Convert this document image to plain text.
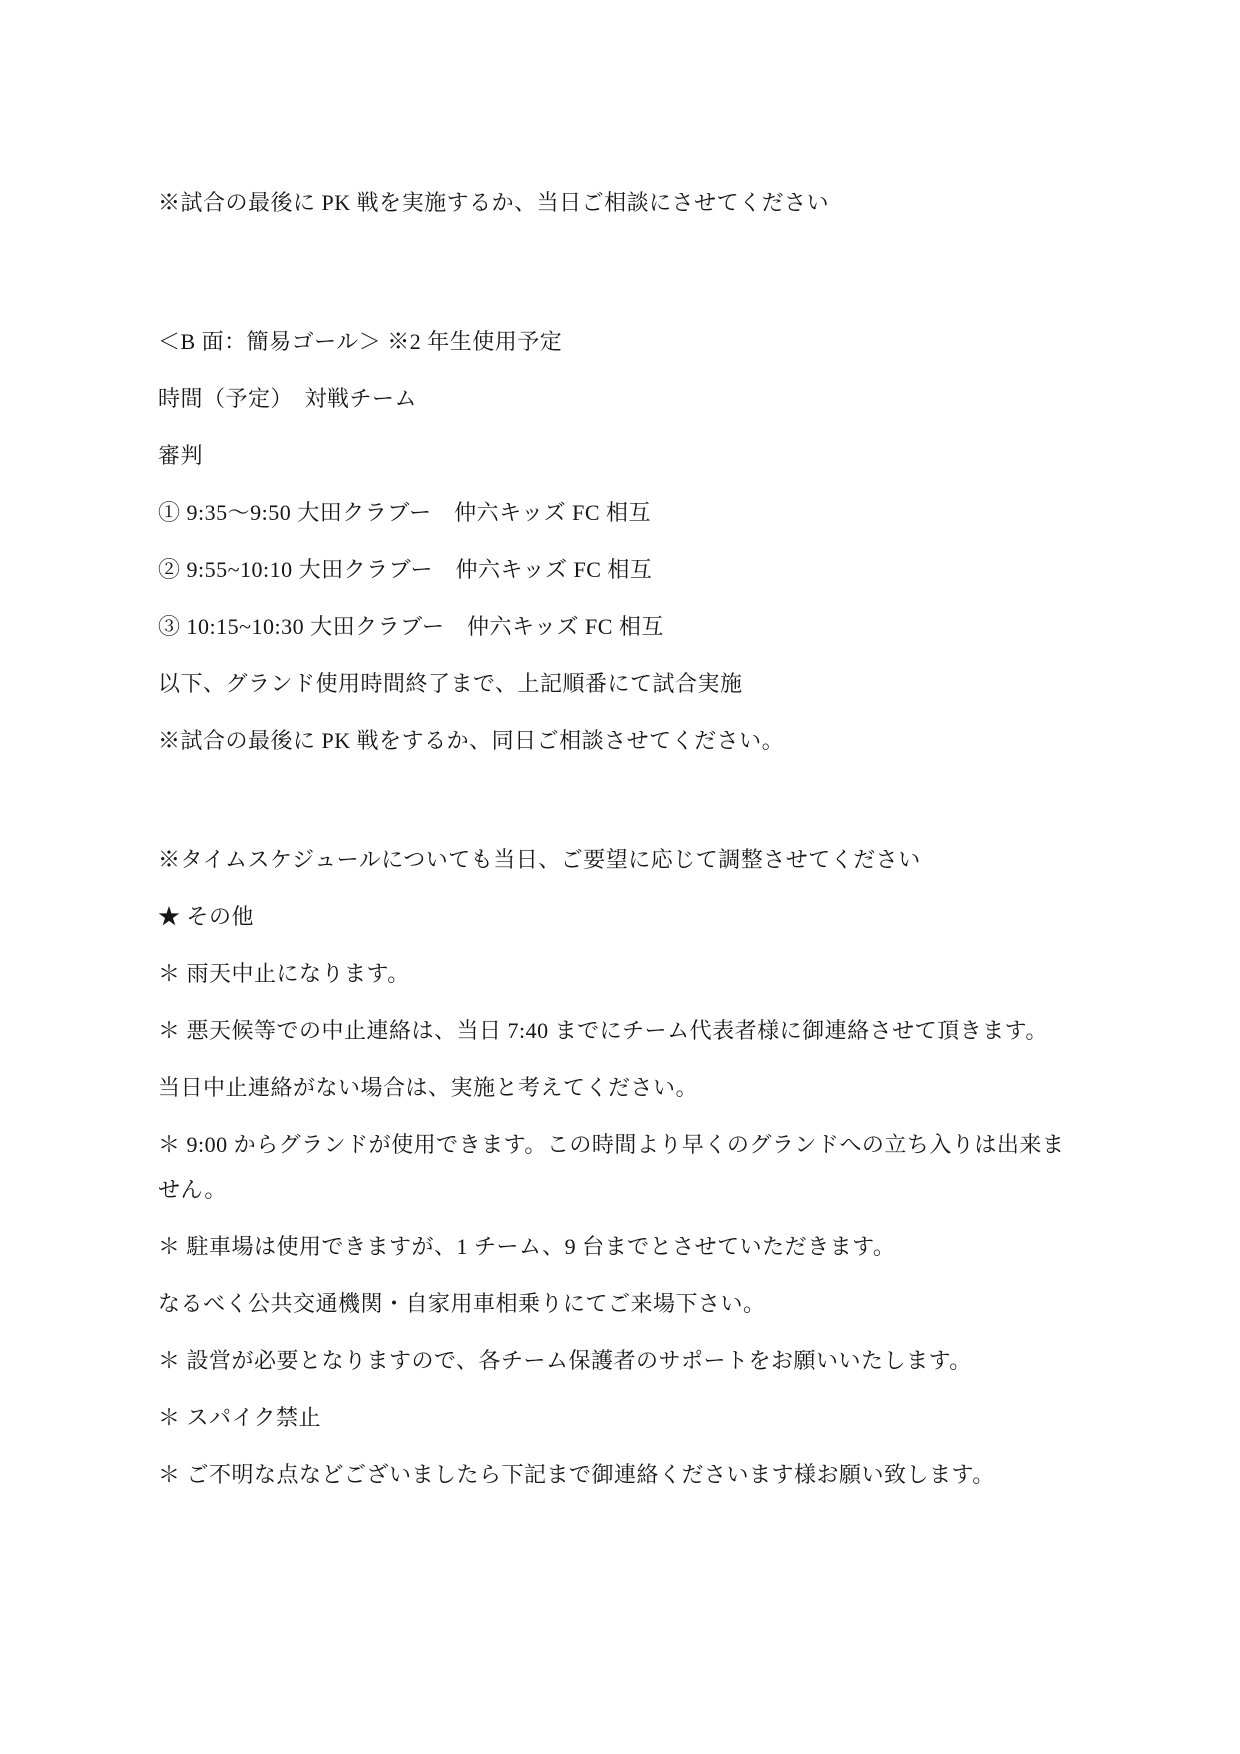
※試合の最後に PK 戦を実施するか、当日ご相談にさせてください
＜B 面：簡易ゴール＞ ※2 年生使用予定
時間（予定）　対戦チーム
審判
① 9:35〜9:50 大田クラブー　仲六キッズ FC 相互
② 9:55~10:10 大田クラブー　仲六キッズ FC 相互
③ 10:15~10:30 大田クラブー　仲六キッズ FC 相互
以下、グランド使用時間終了まで、上記順番にて試合実施
※試合の最後に PK 戦をするか、同日ご相談させてください。
※タイムスケジュールについても当日、ご要望に応じて調整させてください
★ その他
＊ 雨天中止になります。
＊ 悪天候等での中止連絡は、当日 7:40 までにチーム代表者様に御連絡させて頂きます。
当日中止連絡がない場合は、実施と考えてください。
＊ 9:00 からグランドが使用できます。この時間より早くのグランドへの立ち入りは出来ま
せん。
＊ 駐車場は使用できますが、1 チーム、9 台までとさせていただきます。
なるべく公共交通機関・自家用車相乗りにてご来場下さい。
＊ 設営が必要となりますので、各チーム保護者のサポートをお願いいたします。
＊ スパイク禁止
＊ ご不明な点などございましたら下記まで御連絡くださいます様お願い致します。
